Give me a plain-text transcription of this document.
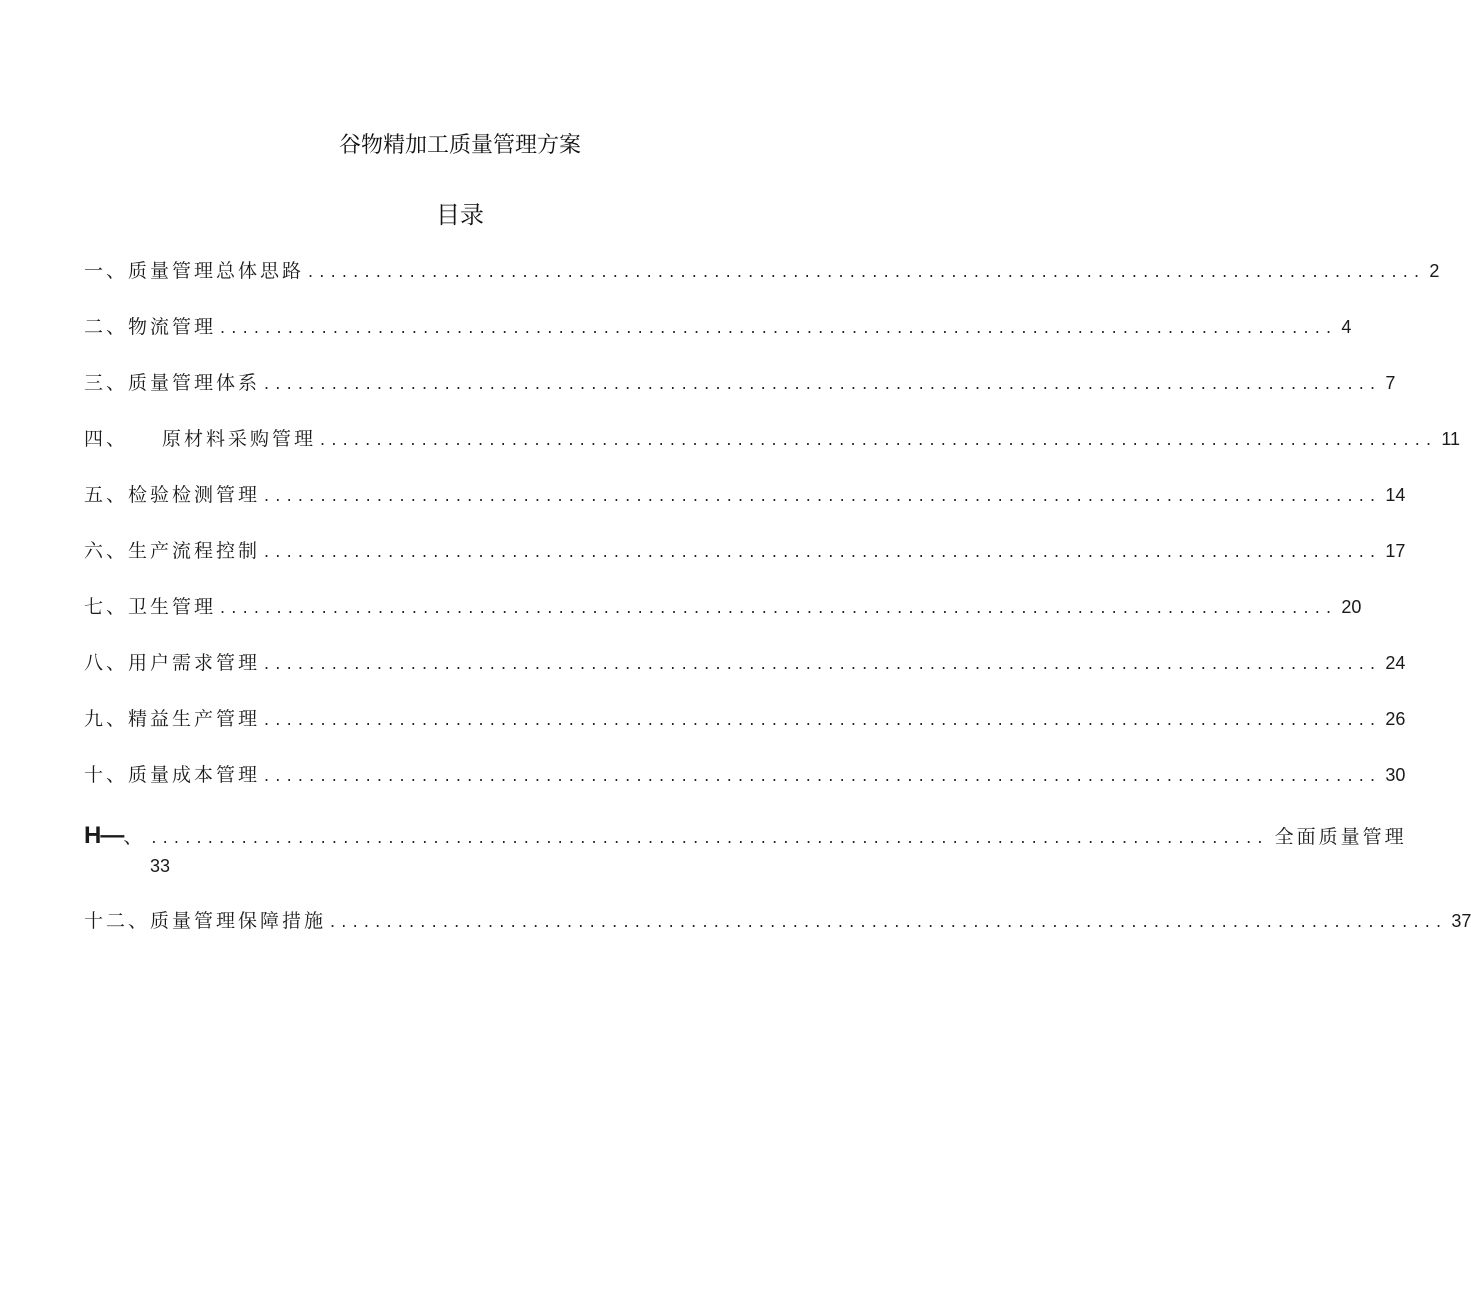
谷物精加工质量管理方案
目录
一、质量管理总体思路 ................................................................................................... 2
二、物流管理 ................................................................................................... 4
三、质量管理体系 ................................................................................................... 7
四、 原材料采购管理 ................................................................................................... 11
五、检验检测管理 ................................................................................................... 14
六、生产流程控制 ................................................................................................... 17
七、卫生管理 ................................................................................................... 20
八、用户需求管理 ................................................................................................... 24
九、精益生产管理 ................................................................................................... 26
十、质量成本管理 ................................................................................................... 30
H— 、 ................................................................................................... 全面质量管理
33
十二、质量管理保障措施 ................................................................................................... 37
